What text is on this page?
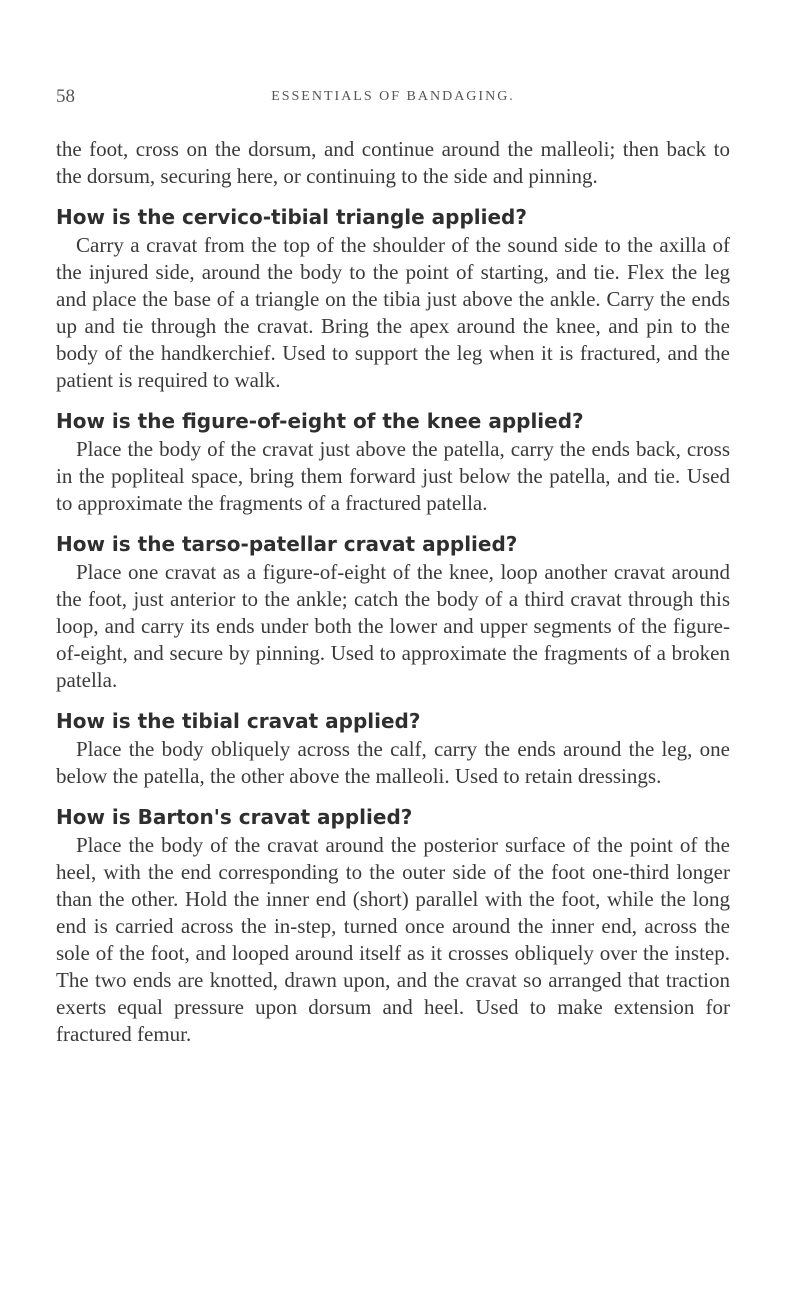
58	ESSENTIALS OF BANDAGING.

the foot, cross on the dorsum, and continue around the malleoli; then back to the dorsum, securing here, or continuing to the side and pinning.

How is the cervico-tibial triangle applied?

Carry a cravat from the top of the shoulder of the sound side to the axilla of the injured side, around the body to the point of starting, and tie. Flex the leg and place the base of a triangle on the tibia just above the ankle. Carry the ends up and tie through the cravat. Bring the apex around the knee, and pin to the body of the handkerchief. Used to support the leg when it is fractured, and the patient is required to walk.

How is the figure-of-eight of the knee applied?

Place the body of the cravat just above the patella, carry the ends back, cross in the popliteal space, bring them forward just below the patella, and tie. Used to approximate the fragments of a fractured patella.

How is the tarso-patellar cravat applied?

Place one cravat as a figure-of-eight of the knee, loop another cravat around the foot, just anterior to the ankle; catch the body of a third cravat through this loop, and carry its ends under both the lower and upper segments of the figure-of-eight, and secure by pinning. Used to approximate the fragments of a broken patella.

How is the tibial cravat applied?

Place the body obliquely across the calf, carry the ends around the leg, one below the patella, the other above the malleoli. Used to retain dressings.

How is Barton's cravat applied?

Place the body of the cravat around the posterior surface of the point of the heel, with the end corresponding to the outer side of the foot one-third longer than the other. Hold the inner end (short) parallel with the foot, while the long end is carried across the in-step, turned once around the inner end, across the sole of the foot, and looped around itself as it crosses obliquely over the instep. The two ends are knotted, drawn upon, and the cravat so arranged that traction exerts equal pressure upon dorsum and heel. Used to make extension for fractured femur.
